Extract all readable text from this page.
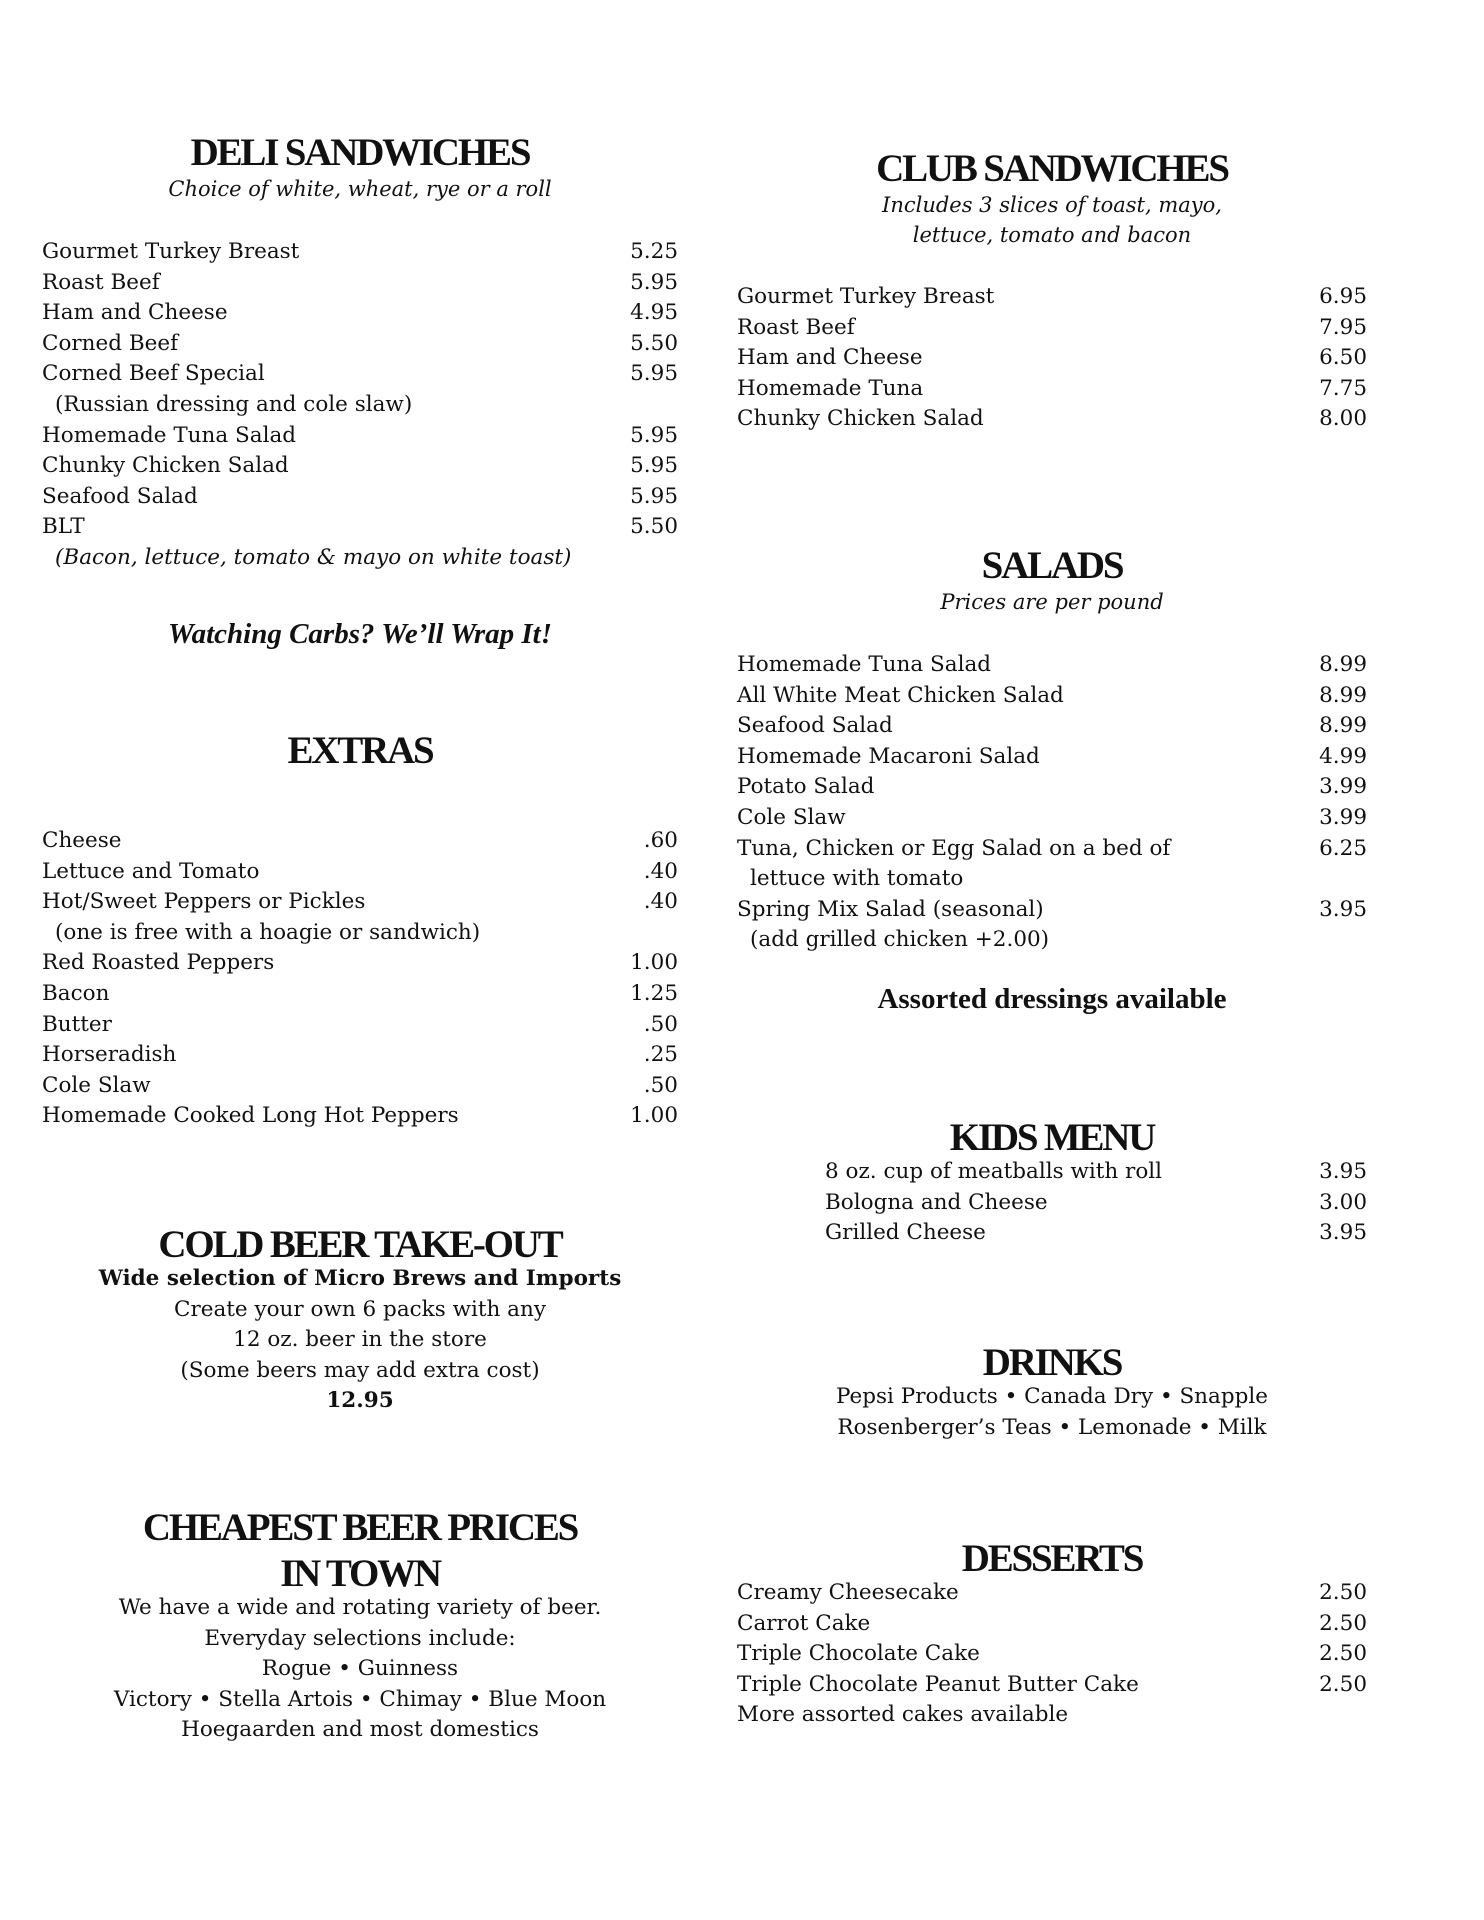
DELI SANDWICHES

Choice of white, wheat, rye or a roll

Gourmet Turkey Breast	5.25
Roast Beef	5.95
Ham and Cheese	4.95
Corned Beef	5.50
Corned Beef Special	5.95
(Russian dressing and cole slaw)
Homemade Tuna Salad	5.95
Chunky Chicken Salad	5.95
Seafood Salad	5.95
BLT	5.50
(Bacon, lettuce, tomato & mayo on white toast)
Watching Carbs? We’ll Wrap It!
EXTRAS
Cheese	.60
Lettuce and Tomato	.40
Hot/Sweet Peppers or Pickles	.40
(one is free with a hoagie or sandwich)
Red Roasted Peppers	1.00
Bacon	1.25
Butter	.50
Horseradish	.25
Cole Slaw	.50
Homemade Cooked Long Hot Peppers	1.00
COLD BEER TAKE-OUT
Wide selection of Micro Brews and Imports
Create your own 6 packs with any
12 oz. beer in the store
(Some beers may add extra cost)
12.95
CHEAPEST BEER PRICES
IN TOWN
We have a wide and rotating variety of beer.
Everyday selections include:
Rogue • Guinness
Victory • Stella Artois • Chimay • Blue Moon
Hoegaarden and most domestics
CLUB SANDWICHES

Includes 3 slices of toast, mayo,

lettuce, tomato and bacon

Gourmet Turkey Breast	6.95
Roast Beef	7.95
Ham and Cheese	6.50
Homemade Tuna	7.75
Chunky Chicken Salad	8.00
SALADS

Prices are per pound

Homemade Tuna Salad	8.99
All White Meat Chicken Salad	8.99
Seafood Salad	8.99
Homemade Macaroni Salad	4.99
Potato Salad	3.99
Cole Slaw	3.99
Tuna, Chicken or Egg Salad on a bed of	6.25
lettuce with tomato
Spring Mix Salad (seasonal)	3.95
(add grilled chicken +2.00)
Assorted dressings available
KIDS MENU
8 oz. cup of meatballs with roll	3.95
Bologna and Cheese	3.00
Grilled Cheese	3.95
DRINKS
Pepsi Products • Canada Dry • Snapple
Rosenberger’s Teas • Lemonade • Milk
DESSERTS
Creamy Cheesecake	2.50
Carrot Cake	2.50
Triple Chocolate Cake	2.50
Triple Chocolate Peanut Butter Cake	2.50
More assorted cakes available
